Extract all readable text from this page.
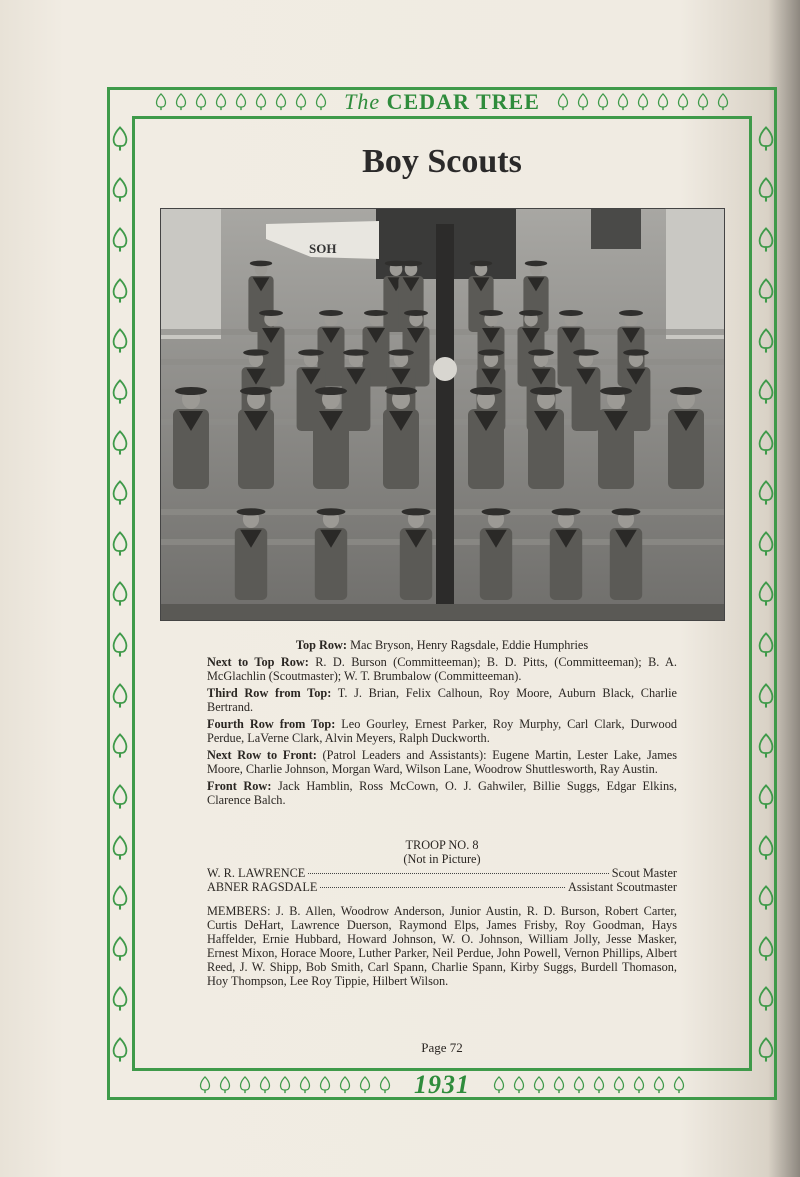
The CEDAR TREE
Boy Scouts
SOH

Top Row: Mac Bryson, Henry Ragsdale, Eddie Humphries

Next to Top Row: R. D. Burson (Committeeman); B. D. Pitts, (Committeeman); B. A. McGlachlin (Scoutmaster); W. T. Brumbalow (Committeeman).

Third Row from Top: T. J. Brian, Felix Calhoun, Roy Moore, Auburn Black, Charlie Bertrand.

Fourth Row from Top: Leo Gourley, Ernest Parker, Roy Murphy, Carl Clark, Durwood Perdue, LaVerne Clark, Alvin Meyers, Ralph Duckworth.

Next Row to Front: (Patrol Leaders and Assistants): Eugene Martin, Lester Lake, James Moore, Charlie Johnson, Morgan Ward, Wilson Lane, Woodrow Shuttlesworth, Ray Austin.

Front Row: Jack Hamblin, Ross McCown, O. J. Gahwiler, Billie Suggs, Edgar Elkins, Clarence Balch.

TROOP NO. 8
(Not in Picture)
W. R. LAWRENCE	Scout Master
ABNER RAGSDALE	Assistant Scoutmaster

MEMBERS: J. B. Allen, Woodrow Anderson, Junior Austin, R. D. Burson, Robert Carter, Curtis DeHart, Lawrence Duerson, Raymond Elps, James Frisby, Roy Goodman, Hays Haffelder, Ernie Hubbard, Howard Johnson, W. O. Johnson, William Jolly, Jesse Masker, Ernest Mixon, Horace Moore, Luther Parker, Neil Perdue, John Powell, Vernon Phillips, Albert Reed, J. W. Shipp, Bob Smith, Carl Spann, Charlie Spann, Kirby Suggs, Burdell Thomason, Hoy Thompson, Lee Roy Tippie, Hilbert Wilson.

Page 72
1931
